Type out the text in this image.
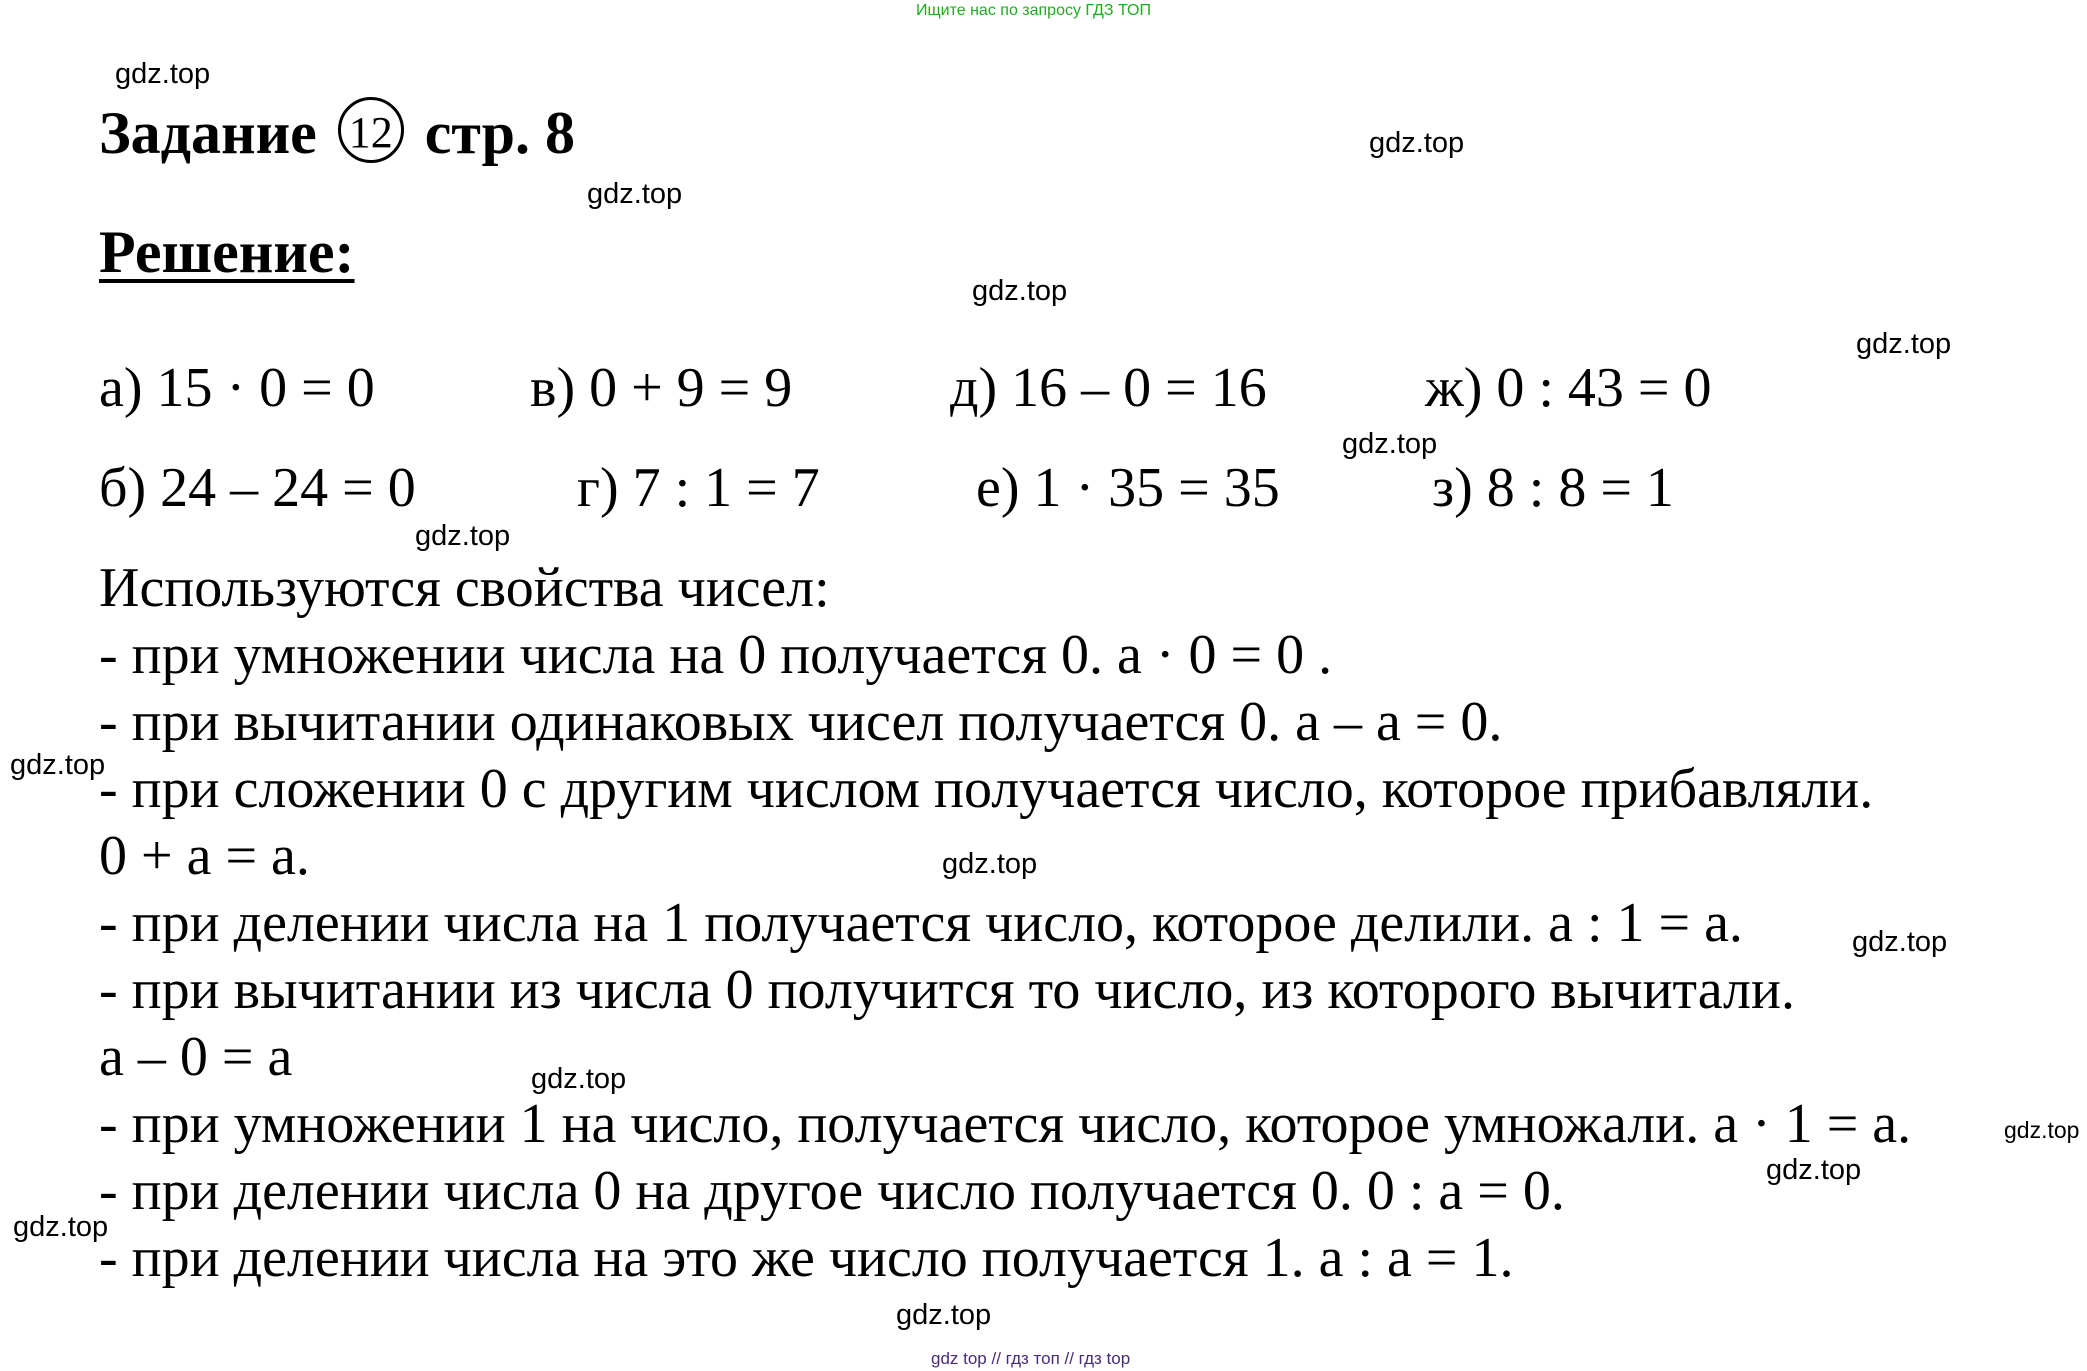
Ищите нас по запросу ГДЗ ТОП
Задание 12 стр. 8
Решение:
а) 15 · 0 = 0	в) 0 + 9 = 9	д) 16 – 0 = 16	ж) 0 : 43 = 0
б) 24 – 24 = 0	г) 7 : 1 = 7	е) 1 · 35 = 35	з) 8 : 8 = 1
Используются свойства чисел:
- при умножении числа на 0 получается 0. а · 0 = 0 .
- при вычитании одинаковых чисел получается 0. а – а = 0.
- при сложении 0 с другим числом получается число, которое прибавляли.
0 + а = а.
- при делении числа на 1 получается число, которое делили. а : 1 = а.
- при вычитании из числа 0 получится то число, из которого вычитали.
а – 0 = а
- при умножении 1 на число, получается число, которое умножали. а · 1 = а.
- при делении числа 0 на другое число получается 0. 0 : а = 0.
- при делении числа на это же число получается 1. а : а = 1.
gdz.top
gdz.top
gdz.top
gdz.top
gdz.top
gdz.top
gdz.top
gdz.top
gdz.top
gdz.top
gdz.top
gdz.top
gdz.top
gdz.top
gdz.top
gdz top // гдз топ // гдз top
